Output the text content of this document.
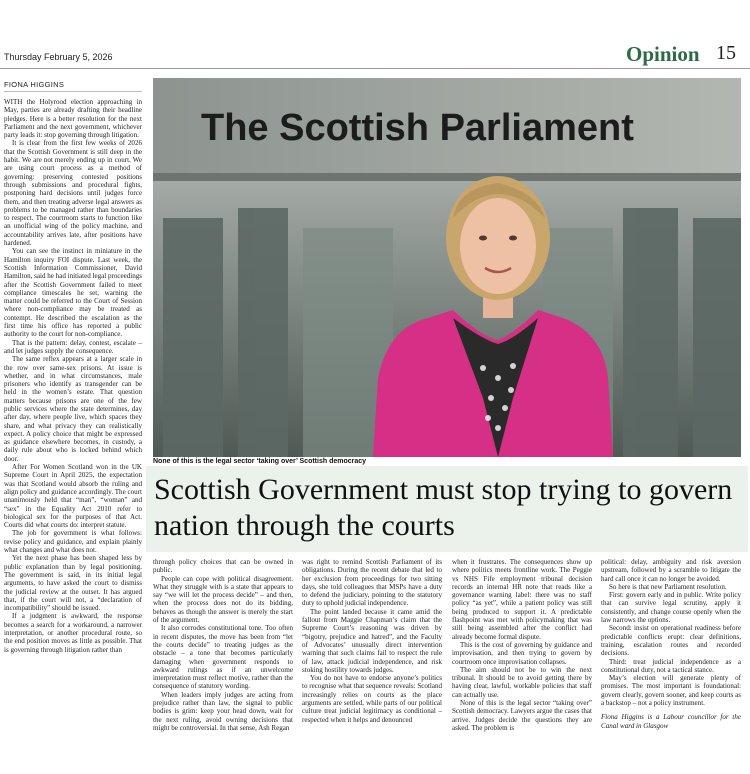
Thursday February 5, 2026	Opinion 15
FIONA HIGGINS

WITH the Holyrood election approaching in May, parties are already drafting their headline pledges. Here is a better resolution for the next Parliament and the next government, whichever party leads it: stop governing through litigation.

It is clear from the first few weeks of 2026 that the Scottish Government is still deep in the habit. We are not merely ending up in court. We are using court process as a method of governing: preserving contested positions through submissions and procedural fights, postponing hard decisions until judges force them, and then treating adverse legal answers as problems to be managed rather than boundaries to respect. The courtroom starts to function like an unofficial wing of the policy machine, and accountability arrives late, after positions have hardened.

You can see the instinct in miniature in the Hamilton inquiry FOI dispute. Last week, the Scottish Information Commissioner, David Hamilton, said he had initiated legal proceedings after the Scottish Government failed to meet compliance timescales he set, warning the matter could be referred to the Court of Session where non-compliance may be treated as contempt. He described the escalation as the first time his office has reported a public authority to the court for non-compliance.

That is the pattern: delay, contest, escalate – and let judges supply the consequence.

The same reflex appears at a larger scale in the row over same-sex prisons. At issue is whether, and in what circumstances, male prisoners who identify as transgender can be held in the women’s estate. That question matters because prisons are one of the few public services where the state determines, day after day, where people live, which spaces they share, and what privacy they can realistically expect. A policy choice that might be expressed as guidance elsewhere becomes, in custody, a daily rule about who is locked behind which door.

After For Women Scotland won in the UK Supreme Court in April 2025, the expectation was that Scotland would absorb the ruling and align policy and guidance accordingly. The court unanimously held that “man”, “woman” and “sex” in the Equality Act 2010 refer to biological sex for the purposes of that Act. Courts did what courts do: interpret statute.

The job for government is what follows: revise policy and guidance, and explain plainly what changes and what does not.

Yet the next phase has been shaped less by public explanation than by legal positioning. The government is said, in its initial legal arguments, to have asked the court to dismiss the judicial review at the outset. It has argued that, if the court will not, a “declaration of incompatibility” should be issued.

If a judgment is awkward, the response becomes a search for a workaround, a narrower interpretation, or another procedural route, so the end position moves as little as possible. That is governing through litigation rather than

The Scottish Parliament
None of this is the legal sector ‘taking over’ Scottish democracy
Scottish Government must stop trying to govern nation through the courts

through policy choices that can be owned in public.

People can cope with political disagreement. What they struggle with is a state that appears to say “we will let the process decide” – and then, when the process does not do its bidding, behaves as though the answer is merely the start of the argument.

It also corrodes constitutional tone. Too often in recent disputes, the move has been from “let the courts decide” to treating judges as the obstacle – a tone that becomes particularly damaging when government responds to awkward rulings as if an unwelcome interpretation must reflect motive, rather than the consequence of statutory wording.

When leaders imply judges are acting from prejudice rather than law, the signal to public bodies is grim: keep your head down, wait for the next ruling, avoid owning decisions that might be controversial. In that sense, Ash Regan

was right to remind Scottish Parliament of its obligations. During the recent debate that led to her exclusion from proceedings for two sitting days, she told colleagues that MSPs have a duty to defend the judiciary, pointing to the statutory duty to uphold judicial independence.

The point landed because it came amid the fallout from Maggie Chapman’s claim that the Supreme Court’s reasoning was driven by “bigotry, prejudice and hatred”, and the Faculty of Advocates’ unusually direct intervention warning that such claims fail to respect the rule of law, attack judicial independence, and risk stoking hostility towards judges.

You do not have to endorse anyone’s politics to recognise what that sequence reveals: Scotland increasingly relies on courts as the place arguments are settled, while parts of our political culture treat judicial legitimacy as conditional – respected when it helps and denounced

when it frustrates. The consequences show up where politics meets frontline work. The Peggie vs NHS Fife employment tribunal decision records an internal HR note that reads like a governance warning label: there was no staff policy “as yet”, while a patient policy was still being produced to support it. A predictable flashpoint was met with policymaking that was still being assembled after the conflict had already become formal dispute.

This is the cost of governing by guidance and improvisation, and then trying to govern by courtroom once improvisation collapses.

The aim should not be to win the next tribunal. It should be to avoid getting there by having clear, lawful, workable policies that staff can actually use.

None of this is the legal sector “taking over” Scottish democracy. Lawyers argue the cases that arrive. Judges decide the questions they are asked. The problem is

political: delay, ambiguity and risk aversion upstream, followed by a scramble to litigate the hard call once it can no longer be avoided.

So here is that new Parliament resolution.

First: govern early and in public. Write policy that can survive legal scrutiny, apply it consistently, and change course openly when the law narrows the options.

Second: insist on operational readiness before predictable conflicts erupt: clear definitions, training, escalation routes and recorded decisions.

Third: treat judicial independence as a constitutional duty, not a tactical stance.

May’s election will generate plenty of promises. The most important is foundational: govern clearly, govern sooner, and keep courts as a backstop – not a policy instrument.

Fiona Higgins is a Labour councillor for the Canal ward in Glasgow
